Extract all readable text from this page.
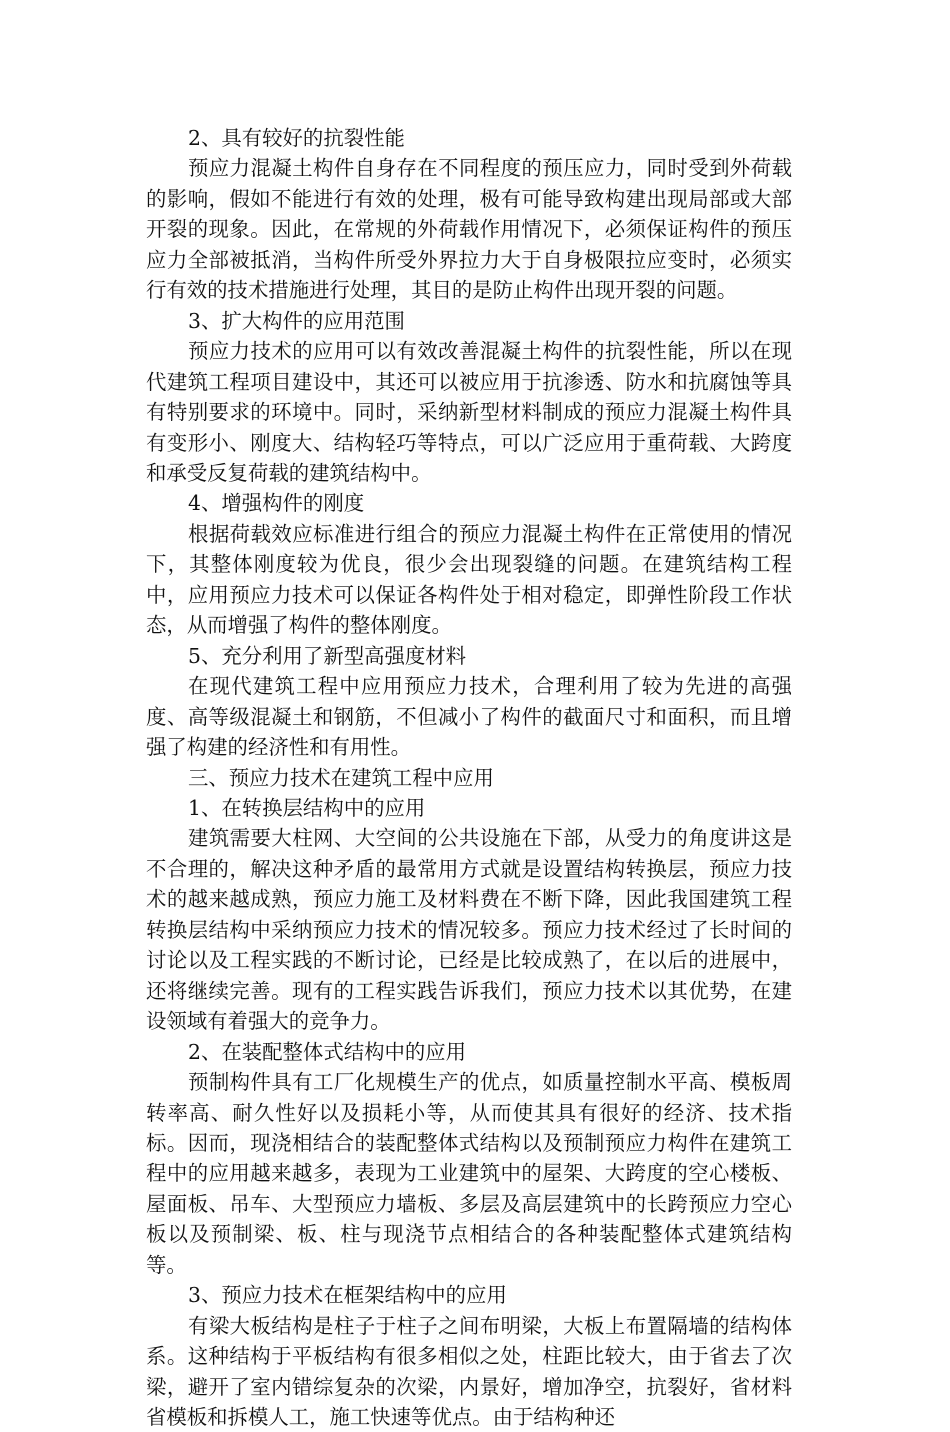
2、具有较好的抗裂性能

预应力混凝土构件自身存在不同程度的预压应力，同时受到外荷载的影响，假如不能进行有效的处理，极有可能导致构建出现局部或大部开裂的现象。因此，在常规的外荷载作用情况下，必须保证构件的预压应力全部被抵消，当构件所受外界拉力大于自身极限拉应变时，必须实行有效的技术措施进行处理，其目的是防止构件出现开裂的问题。

3、扩大构件的应用范围

预应力技术的应用可以有效改善混凝土构件的抗裂性能，所以在现代建筑工程项目建设中，其还可以被应用于抗渗透、防水和抗腐蚀等具有特别要求的环境中。同时，采纳新型材料制成的预应力混凝土构件具有变形小、刚度大、结构轻巧等特点，可以广泛应用于重荷载、大跨度和承受反复荷载的建筑结构中。

4、增强构件的刚度

根据荷载效应标准进行组合的预应力混凝土构件在正常使用的情况下，其整体刚度较为优良，很少会出现裂缝的问题。在建筑结构工程中，应用预应力技术可以保证各构件处于相对稳定，即弹性阶段工作状态，从而增强了构件的整体刚度。

5、充分利用了新型高强度材料

在现代建筑工程中应用预应力技术，合理利用了较为先进的高强度、高等级混凝土和钢筋，不但减小了构件的截面尺寸和面积，而且增强了构建的经济性和有用性。

三、预应力技术在建筑工程中应用

1、在转换层结构中的应用

建筑需要大柱网、大空间的公共设施在下部，从受力的角度讲这是不合理的，解决这种矛盾的最常用方式就是设置结构转换层，预应力技术的越来越成熟，预应力施工及材料费在不断下降，因此我国建筑工程转换层结构中采纳预应力技术的情况较多。预应力技术经过了长时间的讨论以及工程实践的不断讨论，已经是比较成熟了，在以后的进展中，还将继续完善。现有的工程实践告诉我们，预应力技术以其优势，在建设领域有着强大的竞争力。

2、在装配整体式结构中的应用

预制构件具有工厂化规模生产的优点，如质量控制水平高、模板周转率高、耐久性好以及损耗小等，从而使其具有很好的经济、技术指标。因而，现浇相结合的装配整体式结构以及预制预应力构件在建筑工程中的应用越来越多，表现为工业建筑中的屋架、大跨度的空心楼板、屋面板、吊车、大型预应力墙板、多层及高层建筑中的长跨预应力空心板以及预制梁、板、柱与现浇节点相结合的各种装配整体式建筑结构等。

3、预应力技术在框架结构中的应用

有梁大板结构是柱子于柱子之间布明梁，大板上布置隔墙的结构体系。这种结构于平板结构有很多相似之处，柱距比较大，由于省去了次梁，避开了室内错综复杂的次梁，内景好，增加净空，抗裂好，省材料省模板和拆模人工，施工快速等优点。由于结构种还
